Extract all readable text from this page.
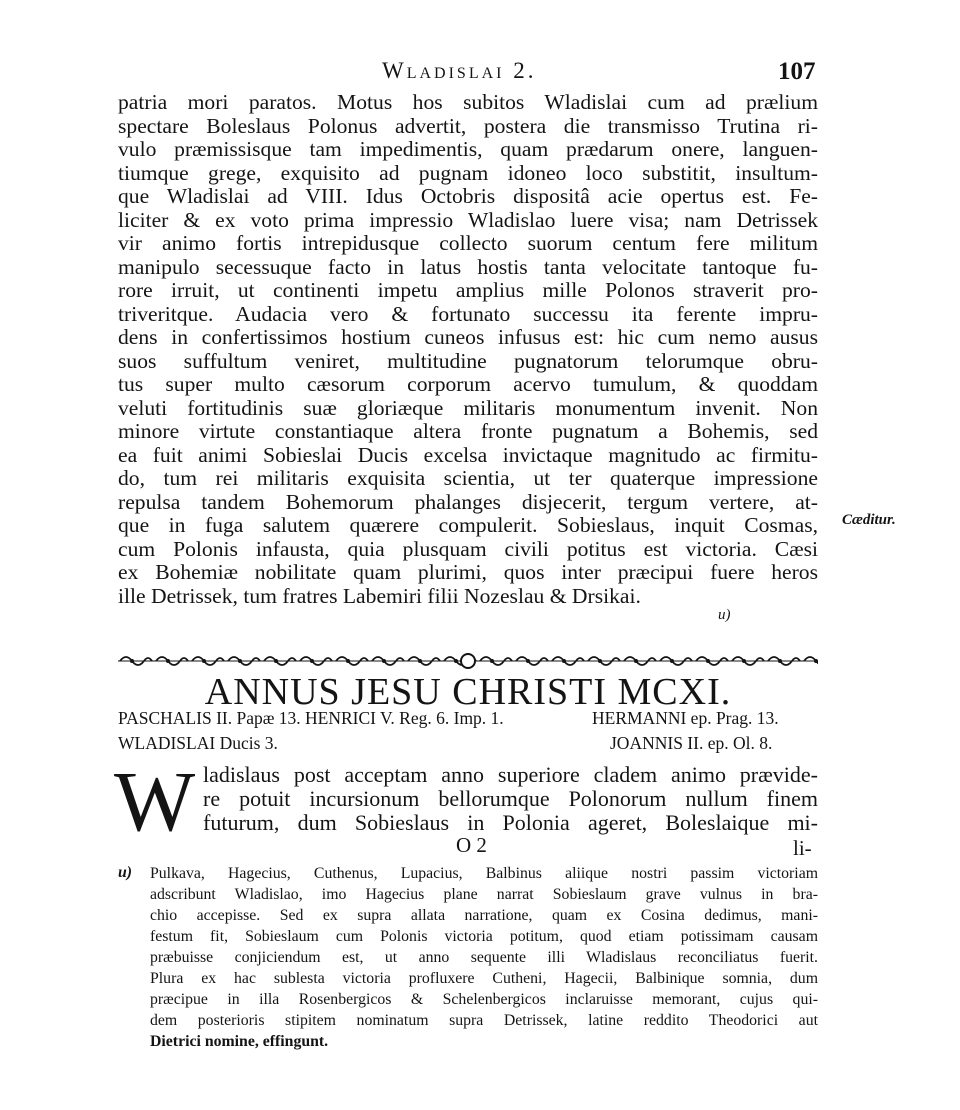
Wladislai 2.	107
patria mori paratos. Motus hos subitos Wladislai cum ad prælium
spectare Boleslaus Polonus advertit, postera die transmisso Trutina ri-
vulo præmissisque tam impedimentis, quam prædarum onere, languen-
tiumque grege, exquisito ad pugnam idoneo loco substitit, insultum-
que Wladislai ad VIII. Idus Octobris dispositâ acie opertus est. Fe-
liciter & ex voto prima impressio Wladislao luere visa; nam Detrissek
vir animo fortis intrepidusque collecto suorum centum fere militum
manipulo secessuque facto in latus hostis tanta velocitate tantoque fu-
rore irruit, ut continenti impetu amplius mille Polonos straverit pro-
triveritque. Audacia vero & fortunato successu ita ferente impru-
dens in confertissimos hostium cuneos infusus est: hic cum nemo ausus
suos suffultum veniret, multitudine pugnatorum telorumque obru-
tus super multo cæsorum corporum acervo tumulum, & quoddam
veluti fortitudinis suæ gloriæque militaris monumentum invenit. Non
minore virtute constantiaque altera fronte pugnatum a Bohemis, sed
ea fuit animi Sobieslai Ducis excelsa invictaque magnitudo ac firmitu-
do, tum rei militaris exquisita scientia, ut ter quaterque impressione
repulsa tandem Bohemorum phalanges disjecerit, tergum vertere, at-
que in fuga salutem quærere compulerit. Sobieslaus, inquit Cosmas,
cum Polonis infausta, quia plusquam civili potitus est victoria. Cæsi
ex Bohemiæ nobilitate quam plurimi, quos inter præcipui fuere heros
ille Detrissek, tum fratres Labemiri filii Nozeslau & Drsikai.
u)
Cæditur.
ANNUS JESU CHRISTI MCXI.
PASCHALIS II. Papæ 13. HENRICI V. Reg. 6. Imp. 1.	HERMANNI ep. Prag. 13.
WLADISLAI Ducis 3.	JOANNIS II. ep. Ol. 8.
W ladislaus post acceptam anno superiore cladem animo prævide-
re potuit incursionum bellorumque Polonorum nullum finem
futurum, dum Sobieslaus in Polonia ageret, Boleslaique mi-
O 2	li-
u) Pulkava, Hagecius, Cuthenus, Lupacius, Balbinus aliique nostri passim victoriam
adscribunt Wladislao, imo Hagecius plane narrat Sobieslaum grave vulnus in bra-
chio accepisse. Sed ex supra allata narratione, quam ex Cosina dedimus, mani-
festum fit, Sobieslaum cum Polonis victoria potitum, quod etiam potissimam causam
præbuisse conjiciendum est, ut anno sequente illi Wladislaus reconciliatus fuerit.
Plura ex hac sublesta victoria profluxere Cutheni, Hagecii, Balbinique somnia, dum
præcipue in illa Rosenbergicos & Schelenbergicos inclaruisse memorant, cujus qui-
dem posterioris stipitem nominatum supra Detrissek, latine reddito Theodorici aut
Dietrici nomine, effingunt.
